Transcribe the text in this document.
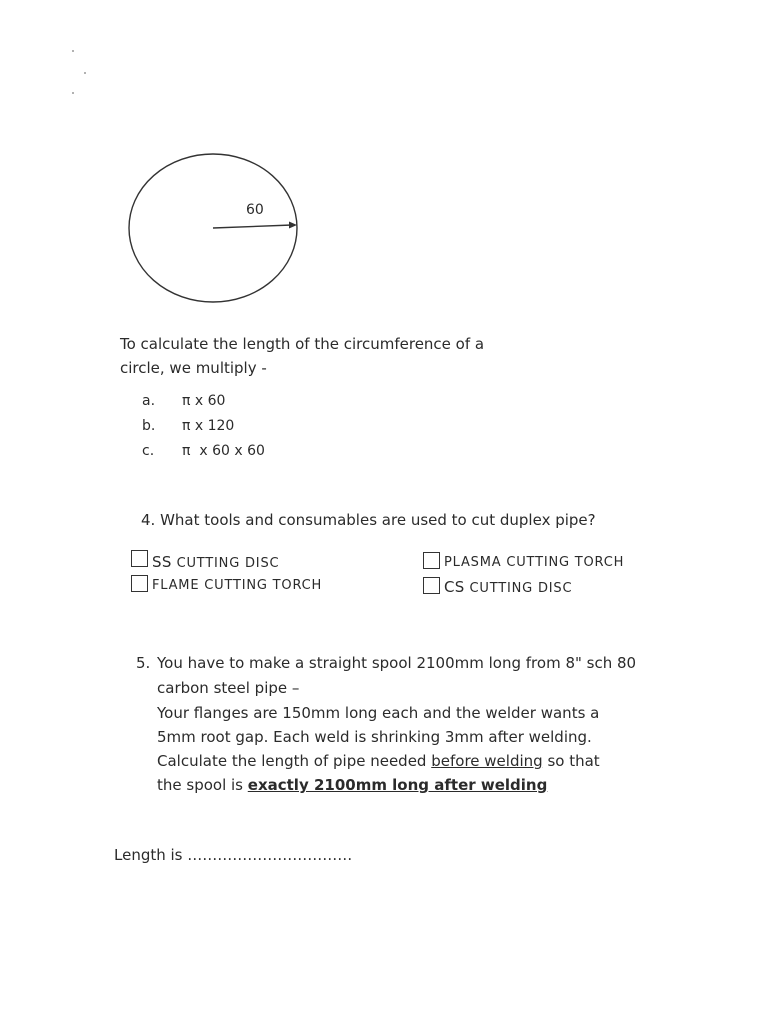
60
To calculate the length of the circumference of a
circle, we multiply -
a. π x 60
b. π x 120
c. π  x 60 x 60
4. What tools and consumables are used to cut duplex pipe?
SS CUTTING DISC	PLASMA CUTTING TORCH
FLAME CUTTING TORCH	CS CUTTING DISC
5. You have to make a straight spool 2100mm long from 8" sch 80
carbon steel pipe –
Your flanges are 150mm long each and the welder wants a
5mm root gap. Each weld is shrinking 3mm after welding.
Calculate the length of pipe needed before welding so that
the spool is exactly 2100mm long after welding
Length is ……………………………
